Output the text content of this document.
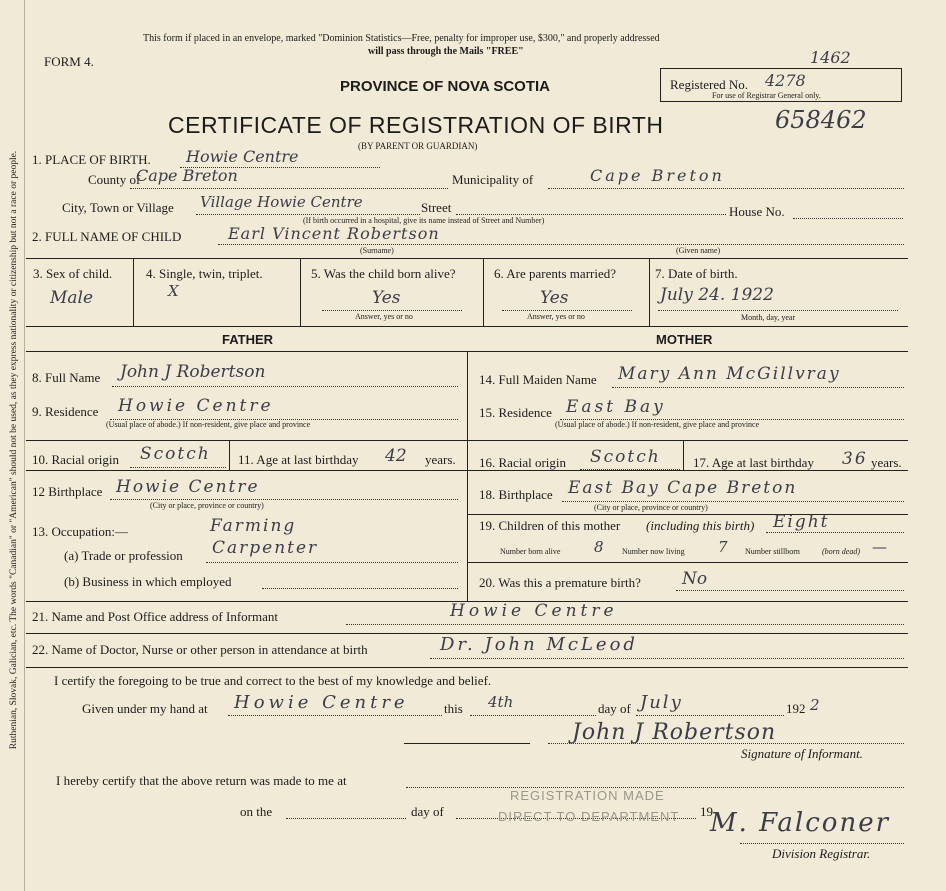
Ruthenian, Slovak, Galician, etc. The words "Canadian" or "American" should not be used, as they express nationality or citizenship but not a race or people.
This form if placed in an envelope, marked "Dominion Statistics—Free, penalty for improper use, $300," and properly addressed
will pass through the Mails "FREE"
FORM 4.
PROVINCE OF NOVA SCOTIA	Registered No. 4278
1462
For use of Registrar General only.
CERTIFICATE OF REGISTRATION OF BIRTH	658462
(BY PARENT OR GUARDIAN)
1. PLACE OF BIRTH. Howie Centre
County of
Cape Breton	Municipality of	Cape Breton
City, Town or Village Village Howie Centre	Street	House No.
(If birth occurred in a hospital, give its name instead of Street and Number)
2. FULL NAME OF CHILD	Earl Vincent Robertson
(Surname)	(Given name)
3. Sex of child.
Male
4. Single, twin, triplet.
X
5. Was the child born alive?
Yes
Answer, yes or no
6. Are parents married?
Yes
Answer, yes or no
7. Date of birth.
July 24. 1922
Month, day, year
FATHER	MOTHER
8. Full Name John J Robertson
9. Residence Howie Centre
(Usual place of abode.) If non-resident, give place and province
10. Racial origin Scotch 11. Age at last birthday 42 years.
12 Birthplace Howie Centre
(City or place, province or country)
13. Occupation:—	Farming
(a) Trade or profession Carpenter
(b) Business in which employed
14. Full Maiden Name Mary Ann McGillvray
15. Residence East Bay
(Usual place of abode.) If non-resident, give place and province
16. Racial origin Scotch 17. Age at last birthday 36 years.
18. Birthplace East Bay Cape Breton
(City or place, province or country)
19. Children of this mother (including this birth) Eight
Number born alive 8 Number now living 7 Number stillborn	(born dead) —
20. Was this a premature birth? No
21. Name and Post Office address of Informant	Howie Centre
22. Name of Doctor, Nurse or other person in attendance at birth	Dr. John McLeod
I certify the foregoing to be true and correct to the best of my knowledge and belief.
Given under my hand at Howie Centre	this 4th	day of July	192 2
John J Robertson
Signature of Informant.
I hereby certify that the above return was made to me at
on the	day of	19
REGISTRATION MADE
DIRECT TO DEPARTMENT M. Falconer
Division Registrar.
